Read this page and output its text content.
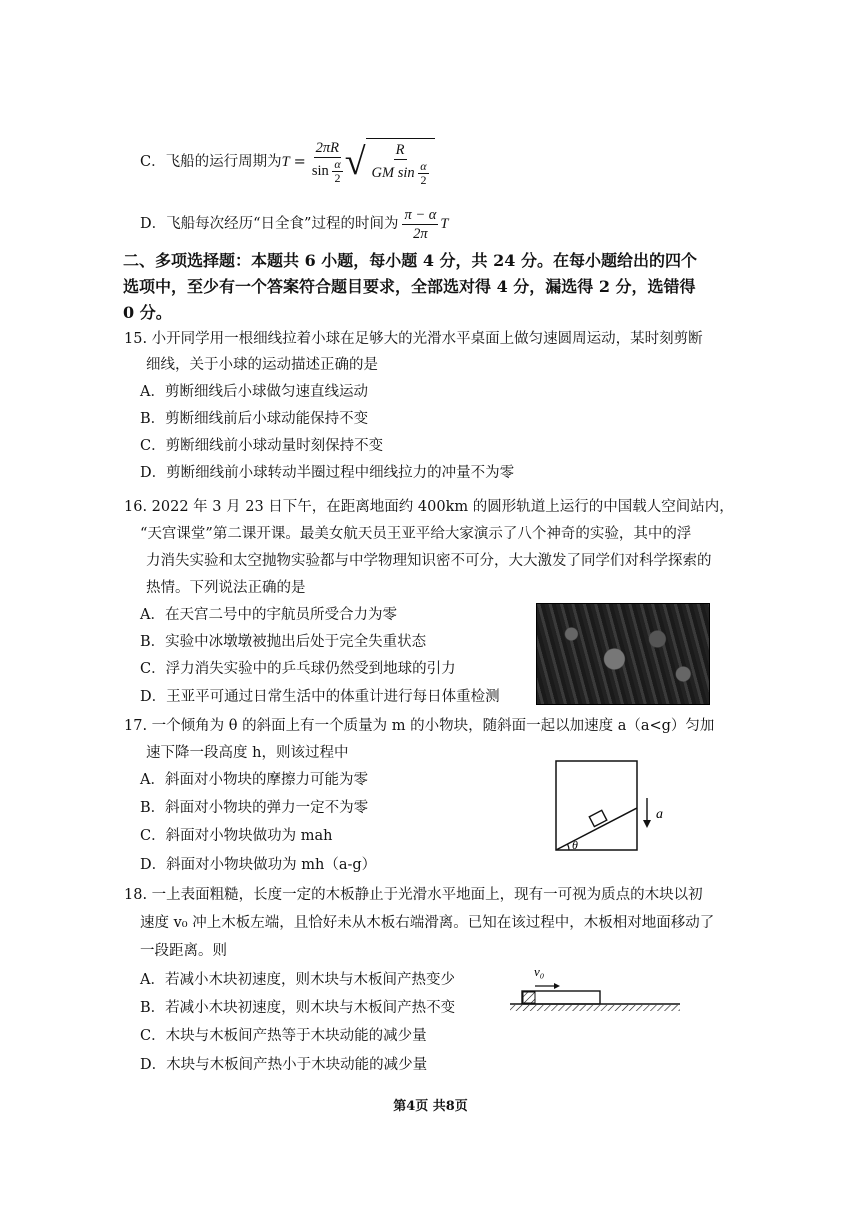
C．飞船的运行周期为 $T = \frac{2\pi R}{\sin \frac{\alpha}{2}}$ √ $\frac{R}{GM \sin \frac{\alpha}{2}}$
D．飞船每次经历“日全食”过程的时间为 $\frac{\pi - \alpha}{2\pi}$ T
二、多项选择题：本题共 6 小题，每小题 4 分，共 24 分。在每小题给出的四个
选项中，至少有一个答案符合题目要求，全部选对得 4 分，漏选得 2 分，选错得
0 分。
15. 小开同学用一根细线拉着小球在足够大的光滑水平桌面上做匀速圆周运动，某时刻剪断
细线，关于小球的运动描述正确的是
A．剪断细线后小球做匀速直线运动
B．剪断细线前后小球动能保持不变
C．剪断细线前小球动量时刻保持不变
D．剪断细线前小球转动半圈过程中细线拉力的冲量不为零
16. 2022 年 3 月 23 日下午，在距离地面约 400km 的圆形轨道上运行的中国载人空间站内，
“天宫课堂”第二课开课。最美女航天员王亚平给大家演示了八个神奇的实验，其中的浮
力消失实验和太空抛物实验都与中学物理知识密不可分，大大激发了同学们对科学探索的
热情。下列说法正确的是
A．在天宫二号中的宇航员所受合力为零
B．实验中冰墩墩被抛出后处于完全失重状态
C．浮力消失实验中的乒乓球仍然受到地球的引力
D．王亚平可通过日常生活中的体重计进行每日体重检测
17. 一个倾角为 θ 的斜面上有一个质量为 m 的小物块，随斜面一起以加速度 a（a<g）匀加
速下降一段高度 h，则该过程中
A．斜面对小物块的摩擦力可能为零
B．斜面对小物块的弹力一定不为零
C．斜面对小物块做功为 mah
D．斜面对小物块做功为 mh（a-g）
θ
a
18. 一上表面粗糙，长度一定的木板静止于光滑水平地面上，现有一可视为质点的木块以初
速度 v₀ 冲上木板左端，且恰好未从木板右端滑离。已知在该过程中，木板相对地面移动了
一段距离。则
A．若减小木块初速度，则木块与木板间产热变少
B．若减小木块初速度，则木块与木板间产热不变
C．木块与木板间产热等于木块动能的减少量
D．木块与木板间产热小于木块动能的减少量
v₀
第4页 共8页
